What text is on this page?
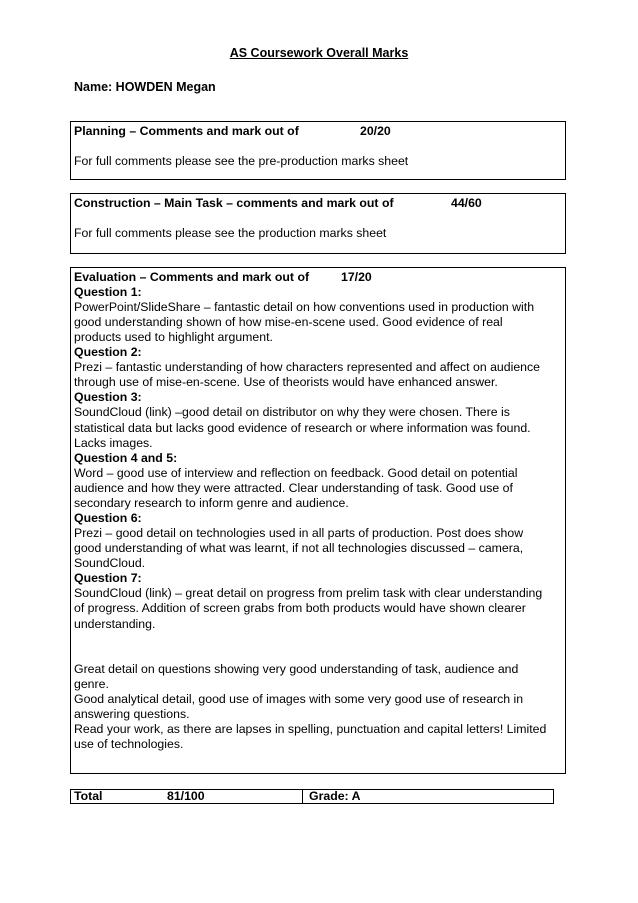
AS Coursework Overall Marks
Name: HOWDEN Megan
Planning – Comments and mark out of	20/20
For full comments please see the pre-production marks sheet
Construction – Main Task – comments and mark out of	44/60
For full comments please see the production marks sheet
Evaluation – Comments and mark out of	17/20
Question 1:
PowerPoint/SlideShare – fantastic detail on how conventions used in production with good understanding shown of how mise-en-scene used. Good evidence of real products used to highlight argument.
Question 2:
Prezi – fantastic understanding of how characters represented and affect on audience through use of mise-en-scene. Use of theorists would have enhanced answer.
Question 3:
SoundCloud (link) –good detail on distributor on why they were chosen. There is statistical data but lacks good evidence of research or where information was found. Lacks images.
Question 4 and 5:
Word – good use of interview and reflection on feedback. Good detail on potential audience and how they were attracted. Clear understanding of task. Good use of secondary research to inform genre and audience.
Question 6:
Prezi – good detail on technologies used in all parts of production. Post does show good understanding of what was learnt, if not all technologies discussed – camera, SoundCloud.
Question 7:
SoundCloud (link) – great detail on progress from prelim task with clear understanding of progress. Addition of screen grabs from both products would have shown clearer understanding.

Great detail on questions showing very good understanding of task, audience and genre.

Good analytical detail, good use of images with some very good use of research in answering questions.

Read your work, as there are lapses in spelling, punctuation and capital letters! Limited use of technologies.

Total	81/100	Grade: A
